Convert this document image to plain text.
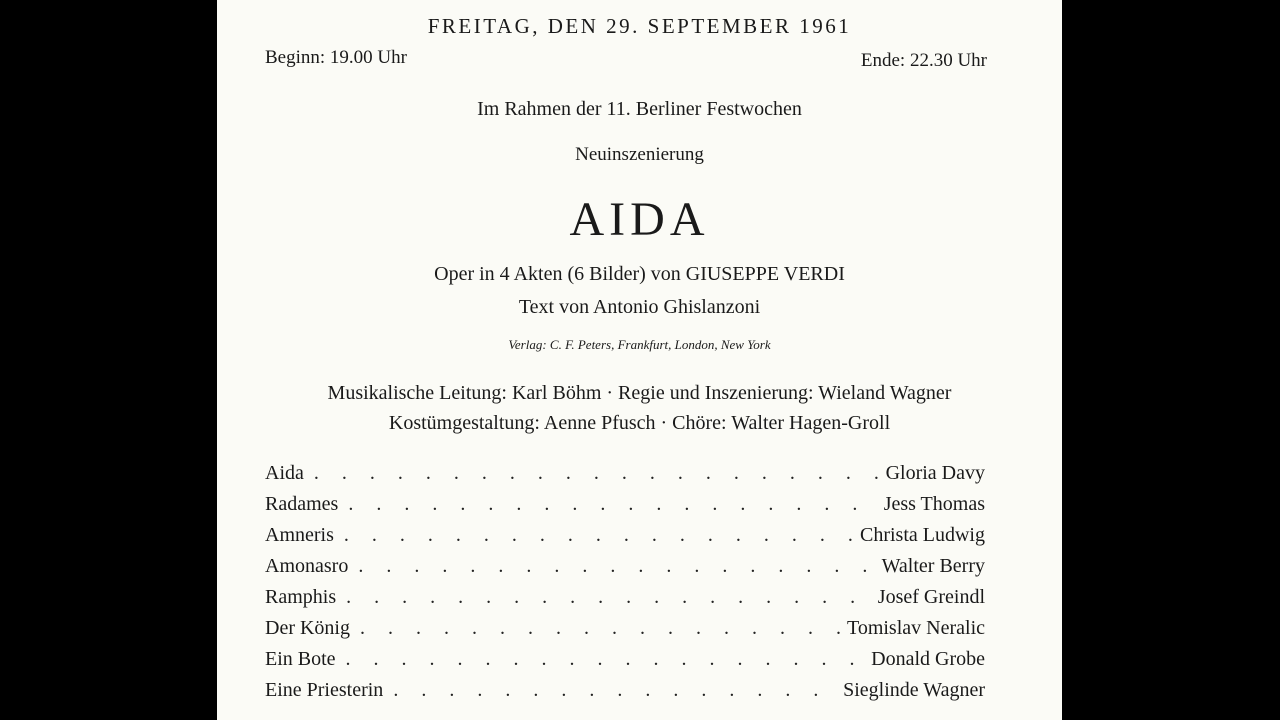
FREITAG, DEN 29. SEPTEMBER 1961
Beginn: 19.00 Uhr	Ende: 22.30 Uhr
Im Rahmen der 11. Berliner Festwochen
Neuinszenierung
AIDA
Oper in 4 Akten (6 Bilder) von GIUSEPPE VERDI
Text von Antonio Ghislanzoni
Verlag: C. F. Peters, Frankfurt, London, New York
Musikalische Leitung: Karl Böhm · Regie und Inszenierung: Wieland Wagner
Kostümgestaltung: Aenne Pfusch · Chöre: Walter Hagen-Groll
Aida . . .	Gloria Davy
Radames . . .	Jess Thomas
Amneris . . .	Christa Ludwig
Amonasro . . .	Walter Berry
Ramphis . . .	Josef Greindl
Der König . . .	Tomislav Neralic
Ein Bote . . .	Donald Grobe
Eine Priesterin . . .	Sieglinde Wagner
